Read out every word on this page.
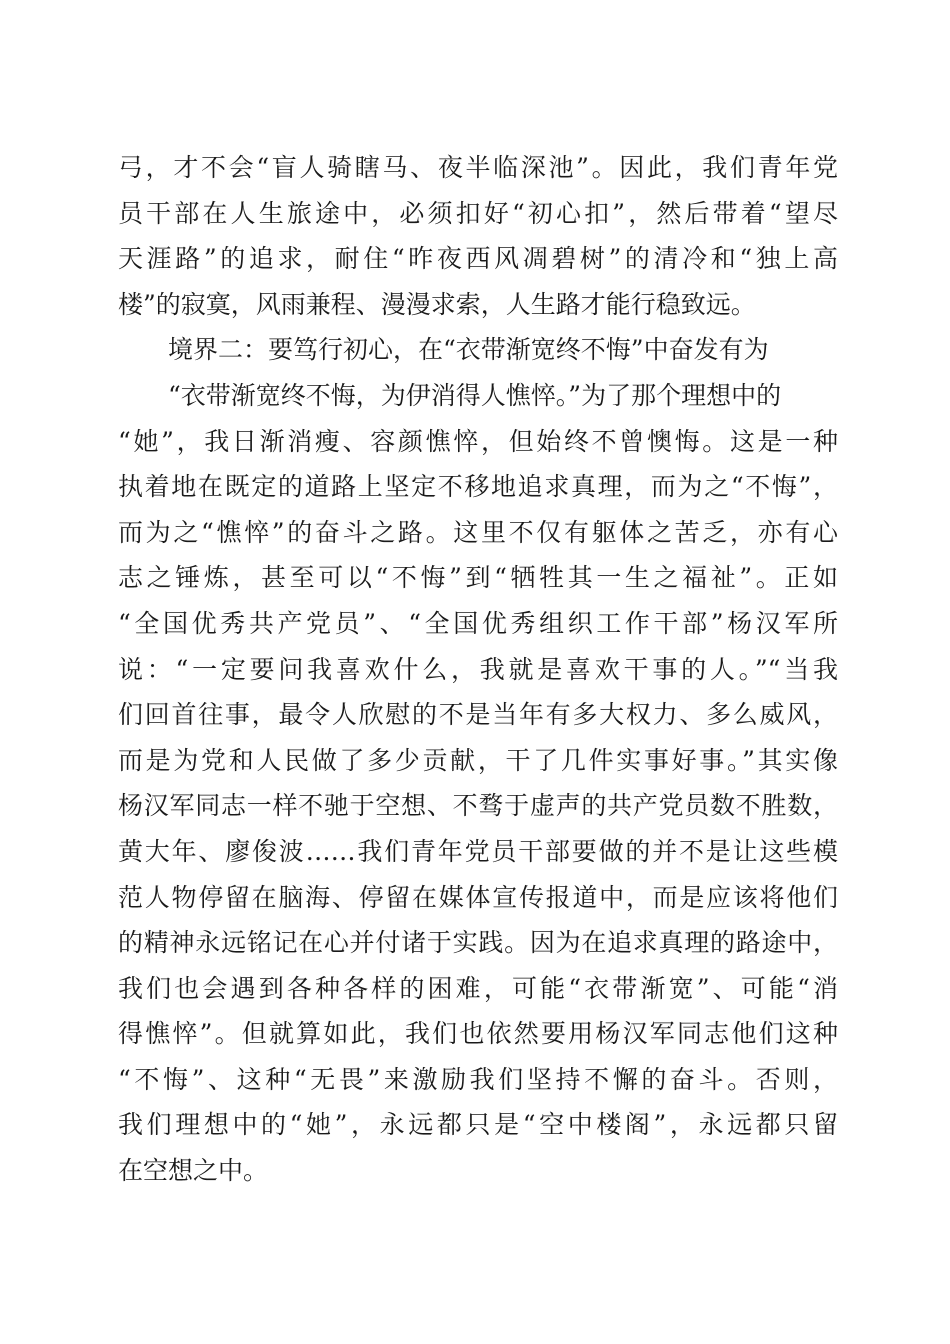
弓，才不会“盲人骑瞎马、夜半临深池”。因此，我们青年党
员干部在人生旅途中，必须扣好“初心扣”，然后带着“望尽
天涯路”的追求，耐住“昨夜西风凋碧树”的清冷和“独上高
楼”的寂寞，风雨兼程、漫漫求索，人生路才能行稳致远。
境界二：要笃行初心，在“衣带渐宽终不悔”中奋发有为
“衣带渐宽终不悔，为伊消得人憔悴。”为了那个理想中的
“她”，我日渐消瘦、容颜憔悴，但始终不曾懊悔。这是一种
执着地在既定的道路上坚定不移地追求真理，而为之“不悔”，
而为之“憔悴”的奋斗之路。这里不仅有躯体之苦乏，亦有心
志之锤炼，甚至可以“不悔”到“牺牲其一生之福祉”。正如
“全国优秀共产党员”、“全国优秀组织工作干部”杨汉军所
说：“一定要问我喜欢什么，我就是喜欢干事的人。”“当我
们回首往事，最令人欣慰的不是当年有多大权力、多么威风，
而是为党和人民做了多少贡献，干了几件实事好事。”其实像
杨汉军同志一样不驰于空想、不骛于虚声的共产党员数不胜数，
黄大年、廖俊波……我们青年党员干部要做的并不是让这些模
范人物停留在脑海、停留在媒体宣传报道中，而是应该将他们
的精神永远铭记在心并付诸于实践。因为在追求真理的路途中，
我们也会遇到各种各样的困难，可能“衣带渐宽”、可能“消
得憔悴”。但就算如此，我们也依然要用杨汉军同志他们这种
“不悔”、这种“无畏”来激励我们坚持不懈的奋斗。否则，
我们理想中的“她”，永远都只是“空中楼阁”，永远都只留
在空想之中。
